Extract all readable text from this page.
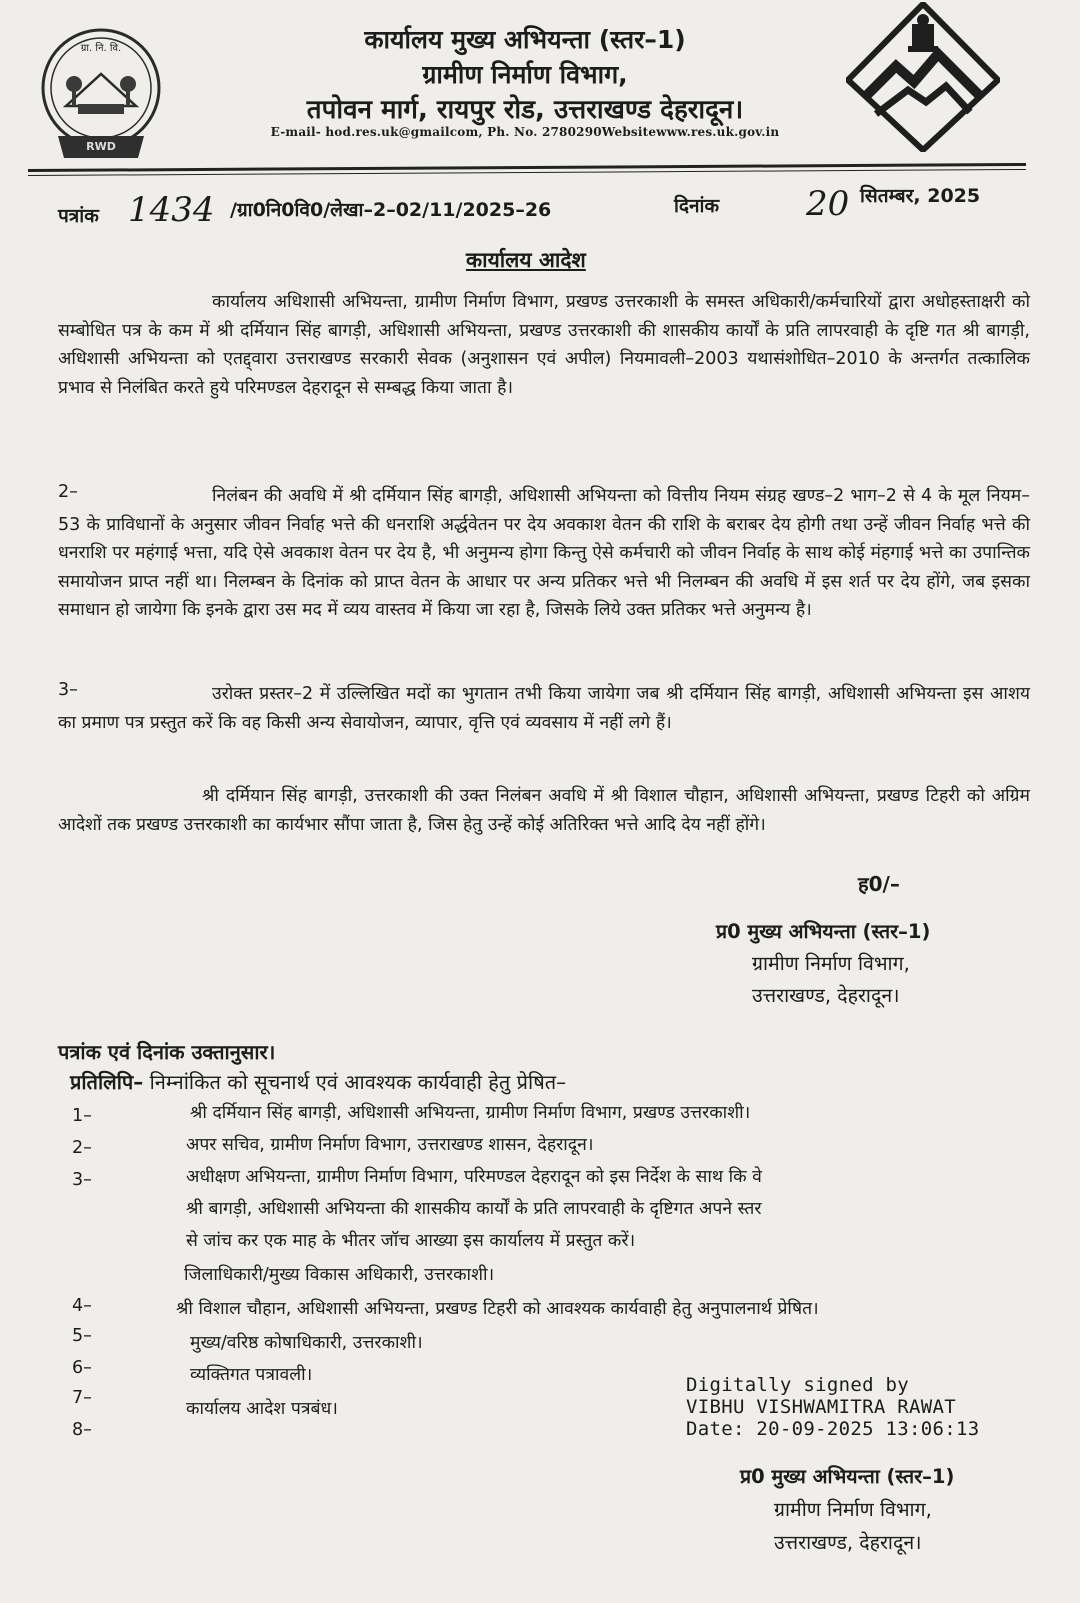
ग्रा. नि. वि.
RWD
कार्यालय मुख्य अभियन्ता (स्तर–1)
ग्रामीण निर्माण विभाग,
तपोवन मार्ग, रायपुर रोड, उत्तराखण्ड देहरादून।
E-mail- hod.res.uk@gmailcom, Ph. No. 2780290Websitewww.res.uk.gov.in
पत्रांक 1434 /ग्रा0नि0वि0/लेखा–2–02/11/2025–26	दिनांक	20 सितम्बर, 2025
कार्यालय आदेश
कार्यालय अधिशासी अभियन्ता, ग्रामीण निर्माण विभाग, प्रखण्ड उत्तरकाशी के समस्त अधिकारी/कर्मचारियों द्वारा अधोहस्ताक्षरी को सम्बोधित पत्र के कम में श्री दर्मियान सिंह बागड़ी, अधिशासी अभियन्ता, प्रखण्ड उत्तरकाशी की शासकीय कार्यों के प्रति लापरवाही के दृष्टि गत श्री बागड़ी, अधिशासी अभियन्ता को एतद्द्वारा उत्तराखण्ड सरकारी सेवक (अनुशासन एवं अपील) नियमावली–2003 यथासंशोधित–2010 के अन्तर्गत तत्कालिक प्रभाव से निलंबित करते हुये परिमण्डल देहरादून से सम्बद्ध किया जाता है।
2–	निलंबन की अवधि में श्री दर्मियान सिंह बागड़ी, अधिशासी अभियन्ता को वित्तीय नियम संग्रह खण्ड–2 भाग–2 से 4 के मूल नियम–53 के प्राविधानों के अनुसार जीवन निर्वाह भत्ते की धनराशि अर्द्धवेतन पर देय अवकाश वेतन की राशि के बराबर देय होगी तथा उन्हें जीवन निर्वाह भत्ते की धनराशि पर महंगाई भत्ता, यदि ऐसे अवकाश वेतन पर देय है, भी अनुमन्य होगा किन्तु ऐसे कर्मचारी को जीवन निर्वाह के साथ कोई मंहगाई भत्ते का उपान्तिक समायोजन प्राप्त नहीं था। निलम्बन के दिनांक को प्राप्त वेतन के आधार पर अन्य प्रतिकर भत्ते भी निलम्बन की अवधि में इस शर्त पर देय होंगे, जब इसका समाधान हो जायेगा कि इनके द्वारा उस मद में व्यय वास्तव में किया जा रहा है, जिसके लिये उक्त प्रतिकर भत्ते अनुमन्य है।
3–	उरोक्त प्रस्तर–2 में उल्लिखित मदों का भुगतान तभी किया जायेगा जब श्री दर्मियान सिंह बागड़ी, अधिशासी अभियन्ता इस आशय का प्रमाण पत्र प्रस्तुत करें कि वह किसी अन्य सेवायोजन, व्यापार, वृत्ति एवं व्यवसाय में नहीं लगे हैं।
श्री दर्मियान सिंह बागड़ी, उत्तरकाशी की उक्त निलंबन अवधि में श्री विशाल चौहान, अधिशासी अभियन्ता, प्रखण्ड टिहरी को अग्रिम आदेशों तक प्रखण्ड उत्तरकाशी का कार्यभार सौंपा जाता है, जिस हेतु उन्हें कोई अतिरिक्त भत्ते आदि देय नहीं होंगे।
ह0/–
प्र0 मुख्य अभियन्ता (स्तर–1)
ग्रामीण निर्माण विभाग,
उत्तराखण्ड, देहरादून।
पत्रांक एवं दिनांक उक्तानुसार।
प्रतिलिपि– निम्नांकित को सूचनार्थ एवं आवश्यक कार्यवाही हेतु प्रेषित–
1–	श्री दर्मियान सिंह बागड़ी, अधिशासी अभियन्ता, ग्रामीण निर्माण विभाग, प्रखण्ड उत्तरकाशी।
2–	अपर सचिव, ग्रामीण निर्माण विभाग, उत्तराखण्ड शासन, देहरादून।
3–	अधीक्षण अभियन्ता, ग्रामीण निर्माण विभाग, परिमण्डल देहरादून को इस निर्देश के साथ कि वे
श्री बागड़ी, अधिशासी अभियन्ता की शासकीय कार्यों के प्रति लापरवाही के दृष्टिगत अपने स्तर
से जांच कर एक माह के भीतर जॉच आख्या इस कार्यालय में प्रस्तुत करें।
4–
जिलाधिकारी/मुख्य विकास अधिकारी, उत्तरकाशी।
5–
श्री विशाल चौहान, अधिशासी अभियन्ता, प्रखण्ड टिहरी को आवश्यक कार्यवाही हेतु अनुपालनार्थ प्रेषित।
6–
मुख्य/वरिष्ठ कोषाधिकारी, उत्तरकाशी।
7–
व्यक्तिगत पत्रावली।
8–
कार्यालय आदेश पत्रबंध।
Digitally signed by
VIBHU VISHWAMITRA RAWAT
Date: 20-09-2025 13:06:13
प्र0 मुख्य अभियन्ता (स्तर–1)
ग्रामीण निर्माण विभाग,
उत्तराखण्ड, देहरादून।
